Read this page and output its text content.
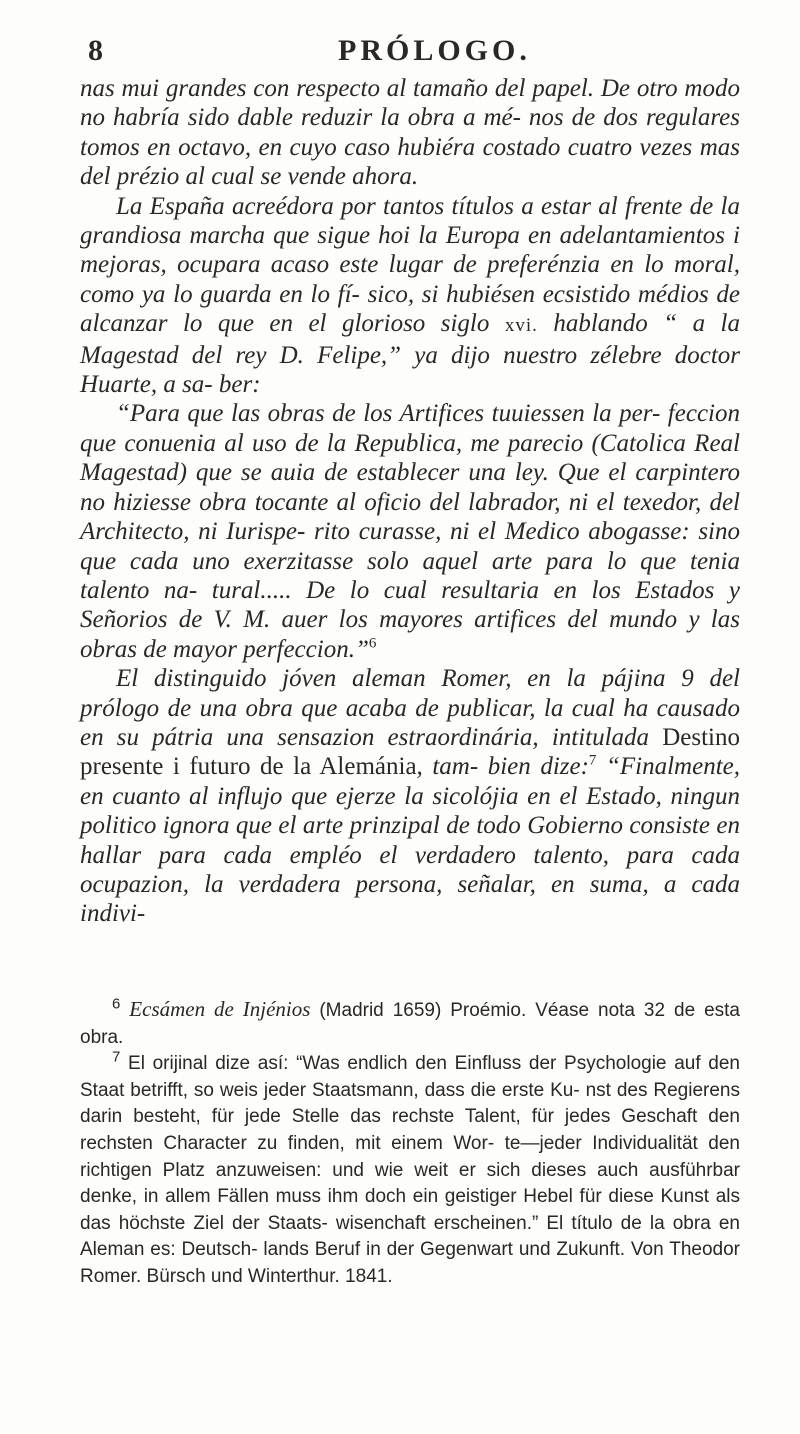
8	PRÓLOGO.

nas mui grandes con respecto al tamaño del papel. De otro modo no habría sido dable reduzir la obra a mé- nos de dos regulares tomos en octavo, en cuyo caso hubiéra costado cuatro vezes mas del prézio al cual se vende ahora.

La España acreédora por tantos títulos a estar al frente de la grandiosa marcha que sigue hoi la Europa en adelantamientos i mejoras, ocupara acaso este lugar de preferénzia en lo moral, como ya lo guarda en lo fí- sico, si hubiésen ecsistido médios de alcanzar lo que en el glorioso siglo xvi. hablando “ a la Magestad del rey D. Felipe,” ya dijo nuestro zélebre doctor Huarte, a sa- ber:

“Para que las obras de los Artifices tuuiessen la per- feccion que conuenia al uso de la Republica, me parecio (Catolica Real Magestad) que se auia de establecer una ley. Que el carpintero no hiziesse obra tocante al oficio del labrador, ni el texedor, del Architecto, ni Iurispe- rito curasse, ni el Medico abogasse: sino que cada uno exerzitasse solo aquel arte para lo que tenia talento na- tural..... De lo cual resultaria en los Estados y Señorios de V. M. auer los mayores artifices del mundo y las obras de mayor perfeccion.”$^6$

El distinguido jóven aleman Romer, en la pájina 9 del prólogo de una obra que acaba de publicar, la cual ha causado en su pátria una sensazion estraordinária, intitulada Destino presente i futuro de la Alemánia, tam- bien dize:$^7$ “Finalmente, en cuanto al influjo que ejerze la sicolójia en el Estado, ningun politico ignora que el arte prinzipal de todo Gobierno consiste en hallar para cada empléo el verdadero talento, para cada ocupazion, la verdadera persona, señalar, en suma, a cada indivi-

$^6$ Ecsámen de Injénios (Madrid 1659) Proémio. Véase nota 32 de esta obra.

$^7$ El orijinal dize así: “Was endlich den Einfluss der Psychologie auf den Staat betrifft, so weis jeder Staatsmann, dass die erste Ku- nst des Regierens darin besteht, für jede Stelle das rechste Talent, für jedes Geschaft den rechsten Character zu finden, mit einem Wor- te—jeder Individualität den richtigen Platz anzuweisen: und wie weit er sich dieses auch ausführbar denke, in allem Fällen muss ihm doch ein geistiger Hebel für diese Kunst als das höchste Ziel der Staats- wisenchaft erscheinen.” El título de la obra en Aleman es: Deutsch- lands Beruf in der Gegenwart und Zukunft. Von Theodor Romer. Bürsch und Winterthur. 1841.
